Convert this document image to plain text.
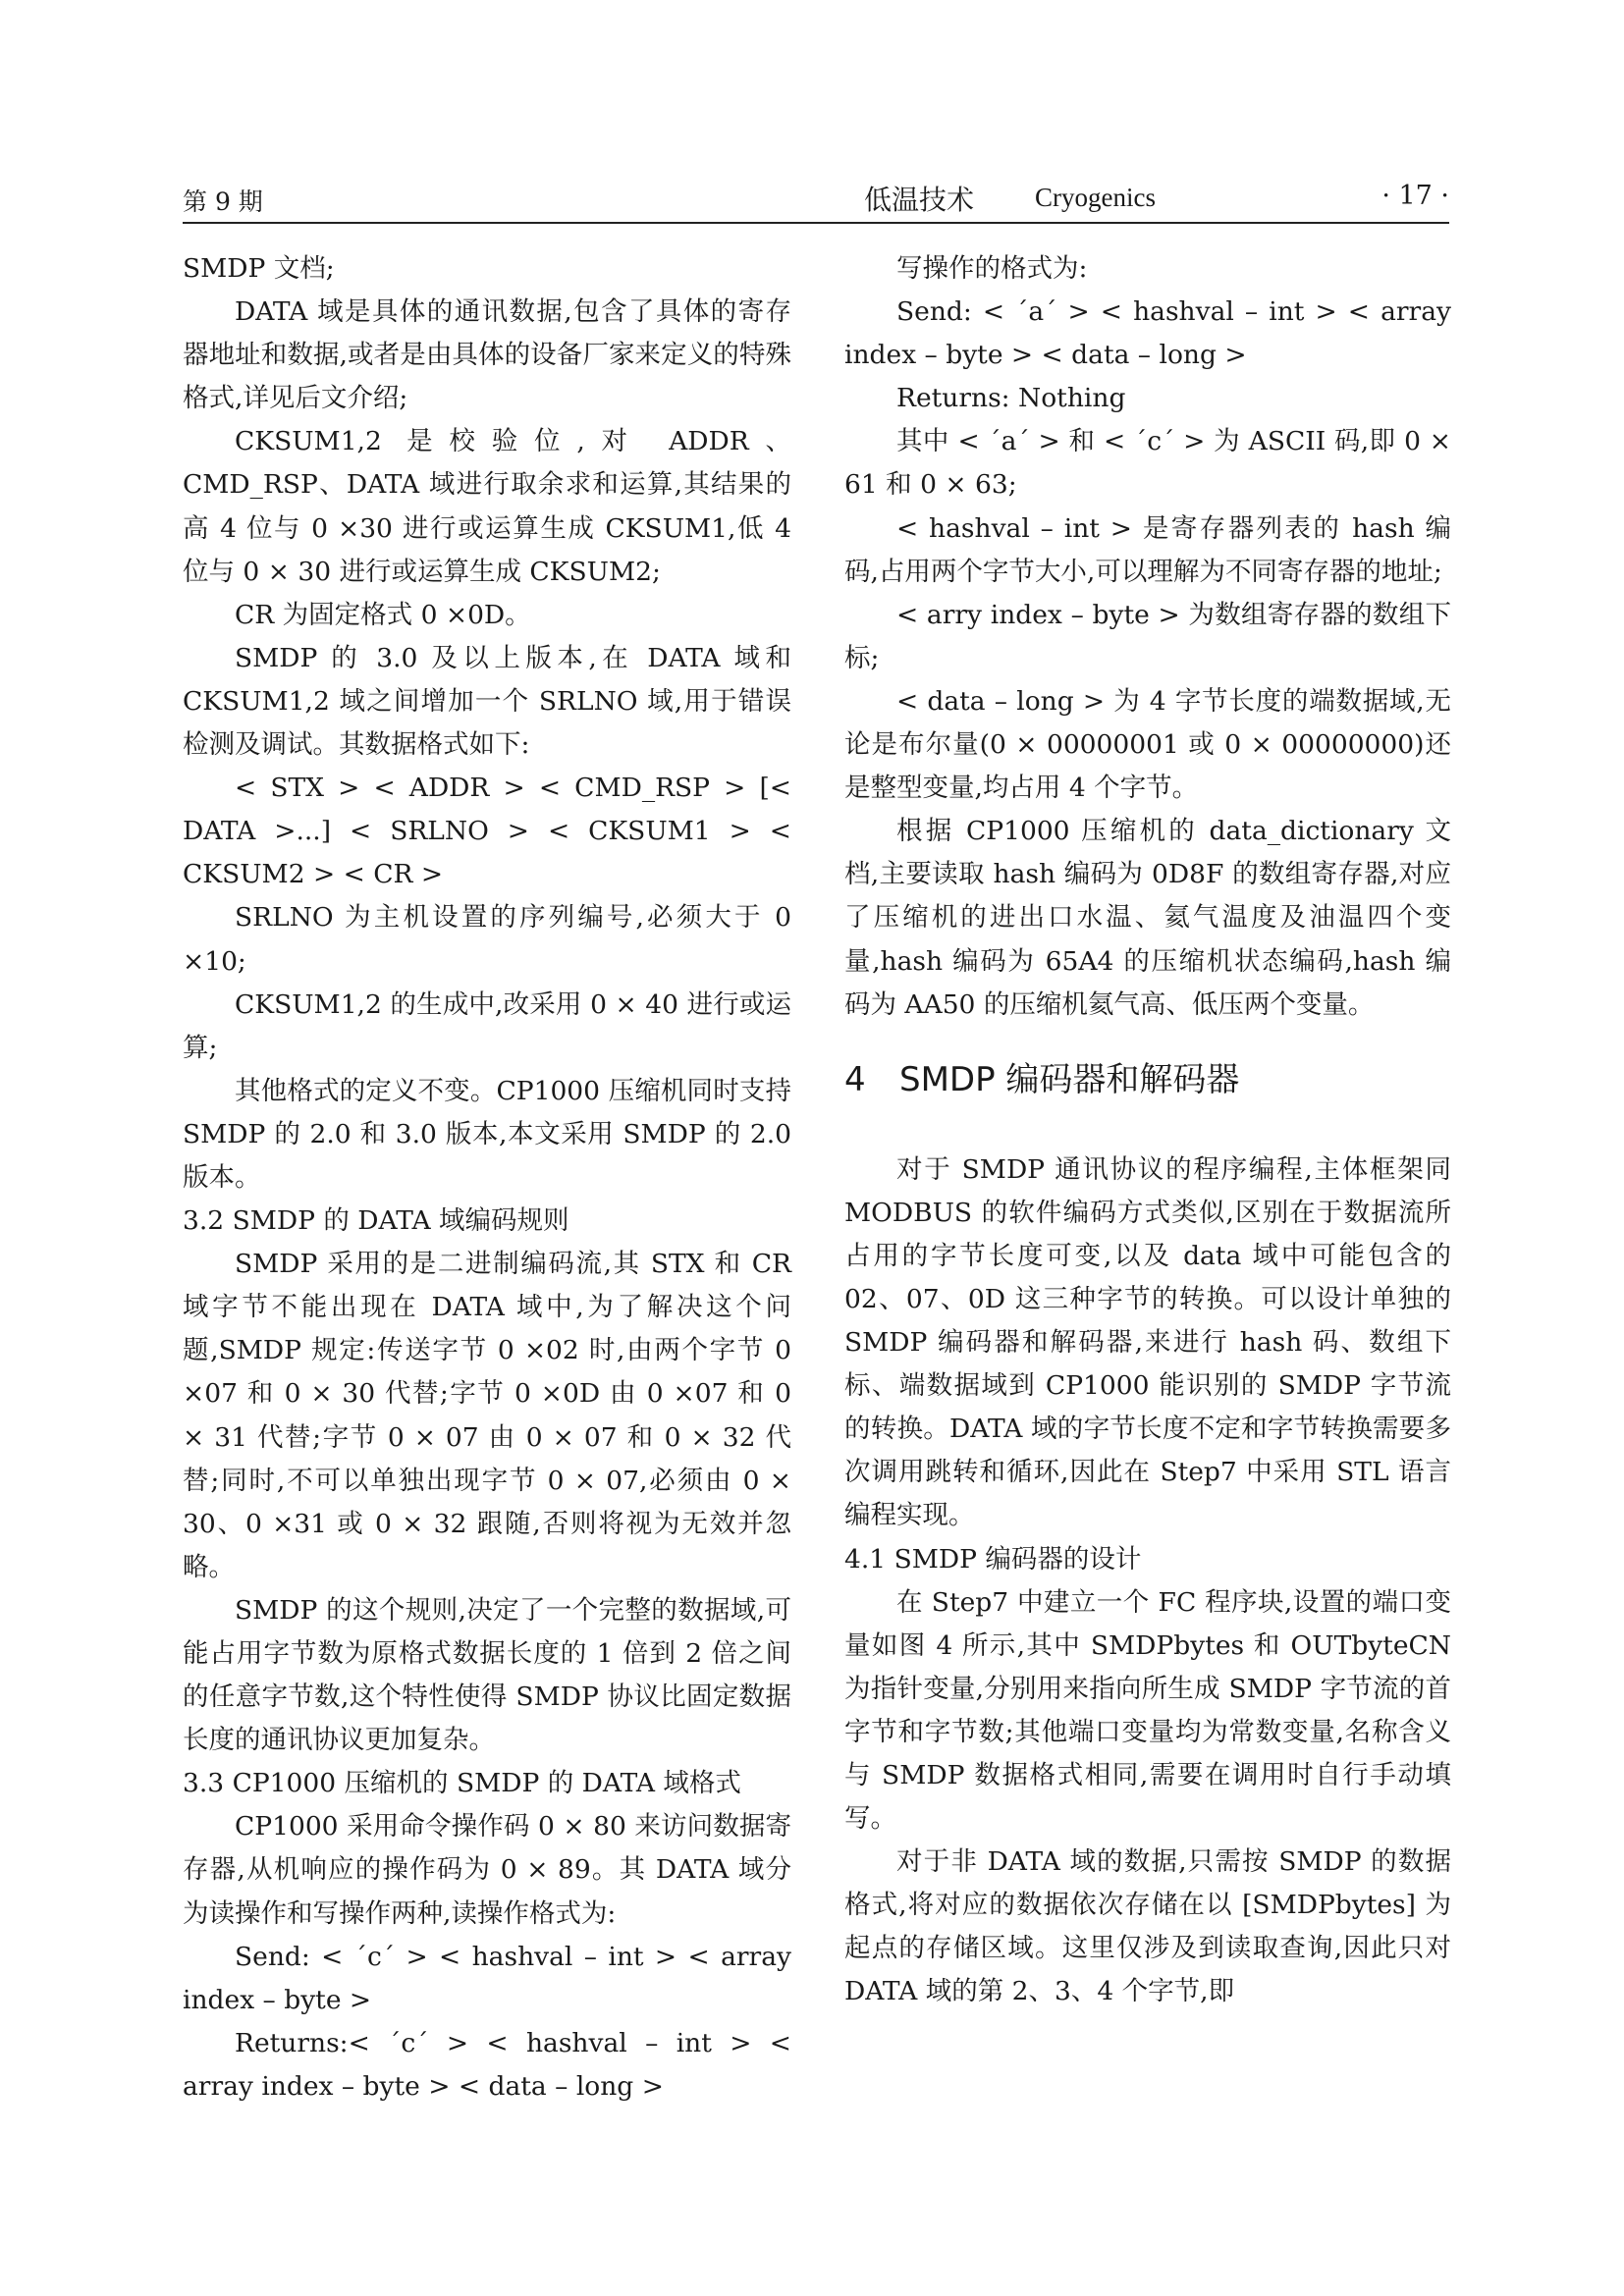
第 9 期	低温技术 Cryogenics	· 17 ·

SMDP 文档;

DATA 域是具体的通讯数据,包含了具体的寄存器地址和数据,或者是由具体的设备厂家来定义的特殊格式,详见后文介绍;

CKSUM1,2 是校验位,对 ADDR、CMD_RSP、DATA 域进行取余求和运算,其结果的高 4 位与 0 ×30 进行或运算生成 CKSUM1,低 4 位与 0 × 30 进行或运算生成 CKSUM2;

CR 为固定格式 0 ×0D。

SMDP 的 3.0 及以上版本,在 DATA 域和 CKSUM1,2 域之间增加一个 SRLNO 域,用于错误检测及调试。其数据格式如下:

< STX > < ADDR > < CMD_RSP > [< DATA >...] < SRLNO > < CKSUM1 > < CKSUM2 > < CR >

SRLNO 为主机设置的序列编号,必须大于 0 ×10;

CKSUM1,2 的生成中,改采用 0 × 40 进行或运算;

其他格式的定义不变。CP1000 压缩机同时支持 SMDP 的 2.0 和 3.0 版本,本文采用 SMDP 的 2.0 版本。

3.2 SMDP 的 DATA 域编码规则

SMDP 采用的是二进制编码流,其 STX 和 CR 域字节不能出现在 DATA 域中,为了解决这个问题,SMDP 规定:传送字节 0 ×02 时,由两个字节 0 ×07 和 0 × 30 代替;字节 0 ×0D 由 0 ×07 和 0 × 31 代替;字节 0 × 07 由 0 × 07 和 0 × 32 代替;同时,不可以单独出现字节 0 × 07,必须由 0 × 30、0 ×31 或 0 × 32 跟随,否则将视为无效并忽略。

SMDP 的这个规则,决定了一个完整的数据域,可能占用字节数为原格式数据长度的 1 倍到 2 倍之间的任意字节数,这个特性使得 SMDP 协议比固定数据长度的通讯协议更加复杂。

3.3 CP1000 压缩机的 SMDP 的 DATA 域格式

CP1000 采用命令操作码 0 × 80 来访问数据寄存器,从机响应的操作码为 0 × 89。其 DATA 域分为读操作和写操作两种,读操作格式为:

Send: < ´c´ > < hashval – int > < array index – byte >

Returns:< ´c´ > < hashval – int > < array index – byte > < data – long >

写操作的格式为:

Send: < ´a´ > < hashval – int > < array index – byte > < data – long >

Returns: Nothing

其中 < ´a´ > 和 < ´c´ > 为 ASCII 码,即 0 × 61 和 0 × 63;

< hashval – int > 是寄存器列表的 hash 编码,占用两个字节大小,可以理解为不同寄存器的地址;

< arry index – byte > 为数组寄存器的数组下标;

< data – long > 为 4 字节长度的端数据域,无论是布尔量(0 × 00000001 或 0 × 00000000)还是整型变量,均占用 4 个字节。

根据 CP1000 压缩机的 data_dictionary 文档,主要读取 hash 编码为 0D8F 的数组寄存器,对应了压缩机的进出口水温、氦气温度及油温四个变量,hash 编码为 65A4 的压缩机状态编码,hash 编码为 AA50 的压缩机氦气高、低压两个变量。

4 SMDP 编码器和解码器

对于 SMDP 通讯协议的程序编程,主体框架同 MODBUS 的软件编码方式类似,区别在于数据流所占用的字节长度可变,以及 data 域中可能包含的 02、07、0D 这三种字节的转换。可以设计单独的 SMDP 编码器和解码器,来进行 hash 码、数组下标、端数据域到 CP1000 能识别的 SMDP 字节流的转换。DATA 域的字节长度不定和字节转换需要多次调用跳转和循环,因此在 Step7 中采用 STL 语言编程实现。

4.1 SMDP 编码器的设计

在 Step7 中建立一个 FC 程序块,设置的端口变量如图 4 所示,其中 SMDPbytes 和 OUTbyteCN 为指针变量,分别用来指向所生成 SMDP 字节流的首字节和字节数;其他端口变量均为常数变量,名称含义与 SMDP 数据格式相同,需要在调用时自行手动填写。

对于非 DATA 域的数据,只需按 SMDP 的数据格式,将对应的数据依次存储在以 [SMDPbytes] 为起点的存储区域。这里仅涉及到读取查询,因此只对 DATA 域的第 2、3、4 个字节,即
